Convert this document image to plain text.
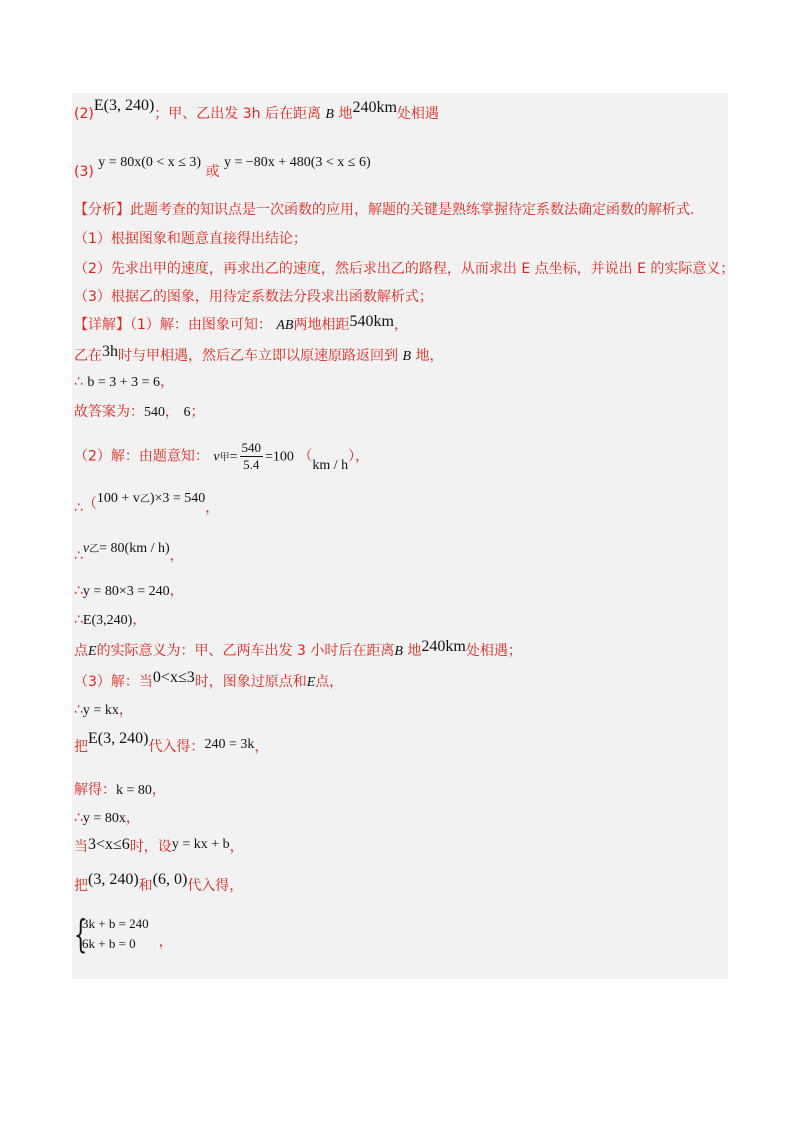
(2)E(3, 240)；甲、乙出发 3h 后在距离 B 地240km处相遇
(3) y = 80x(0 < x ≤ 3) 或 y = −80x + 480(3 < x ≤ 6)
【分析】此题考查的知识点是一次函数的应用，解题的关键是熟练掌握待定系数法确定函数的解析式.
（1）根据图象和题意直接得出结论；
（2）先求出甲的速度，再求出乙的速度，然后求出乙的路程，从而求出 E 点坐标，并说出 E 的实际意义；
（3）根据乙的图象，用待定系数法分段求出函数解析式；
【详解】（1）解：由图象可知： AB两地相距540km，
乙在3h时与甲相遇，然后乙车立即以原速原路返回到 B 地，
∴ b = 3 + 3 = 6，
故答案为：540， 6；
（2）解：由题意知： v甲= $\frac{540}{5.4} =100$ （km / h），
∴（100 + v乙)×3 = 540，
∴v乙= 80(km / h)，
∴y = 80×3 = 240，
∴E(3,240)，
点E的实际意义为：甲、乙两车出发 3 小时后在距离B 地240km处相遇；
（3）解：当0<x≤3时，图象过原点和E点，
∴y = kx，
把E(3, 240)代入得：240 = 3k，
解得：k = 80，
∴y = 80x，
当3<x≤6时，设y = kx + b，
把(3, 240)和(6, 0)代入得，
{
3k + b = 240
6k + b = 0	，
